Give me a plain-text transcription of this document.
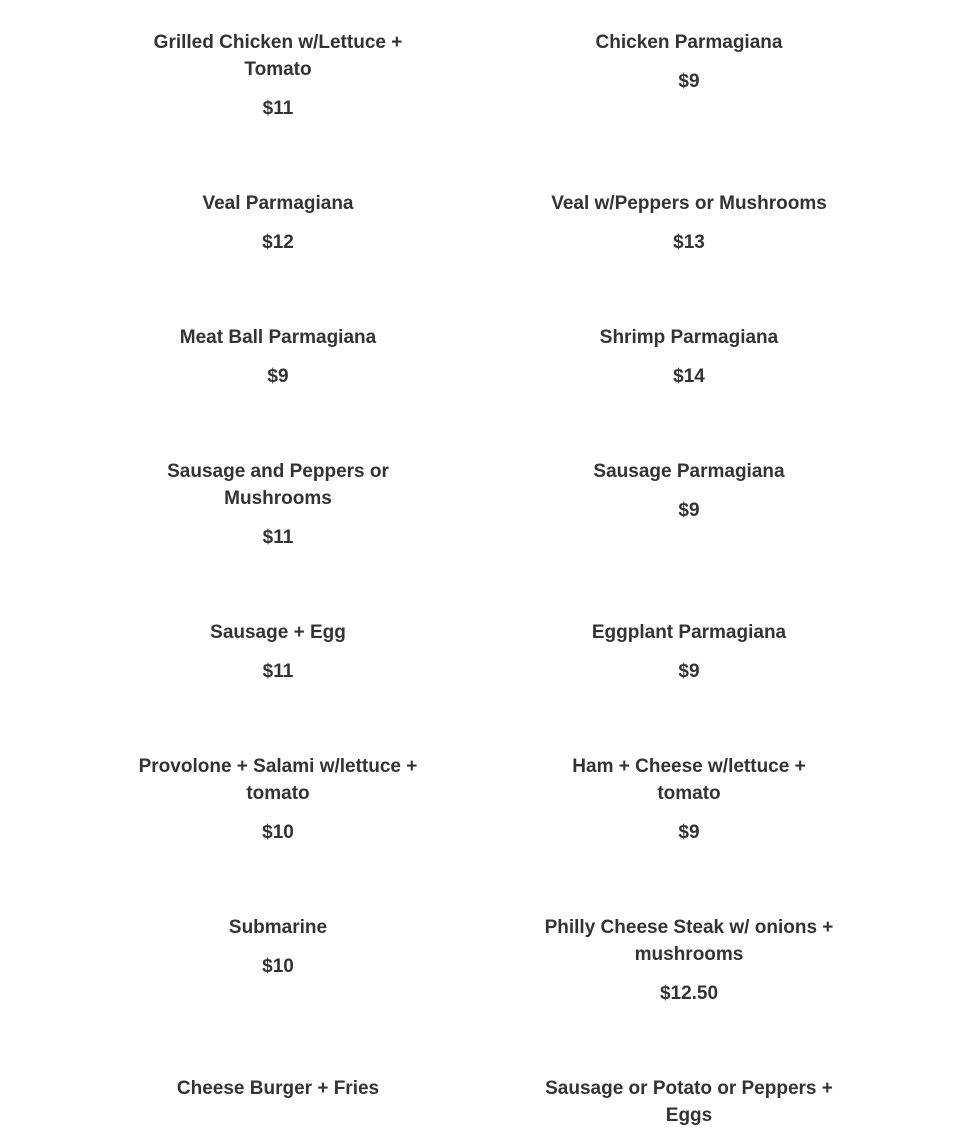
Grilled Chicken w/Lettuce + Tomato

$11

Chicken Parmagiana

$9

Veal Parmagiana

$12

Veal w/Peppers or Mushrooms

$13

Meat Ball Parmagiana

$9

Shrimp Parmagiana

$14

Sausage and Peppers or Mushrooms

$11

Sausage Parmagiana

$9

Sausage + Egg

$11

Eggplant Parmagiana

$9

Provolone + Salami w/lettuce + tomato

$10

Ham + Cheese w/lettuce + tomato

$9

Submarine

$10

Philly Cheese Steak w/ onions + mushrooms

$12.50

Cheese Burger + Fries	Sausage or Potato or Peppers + Eggs
